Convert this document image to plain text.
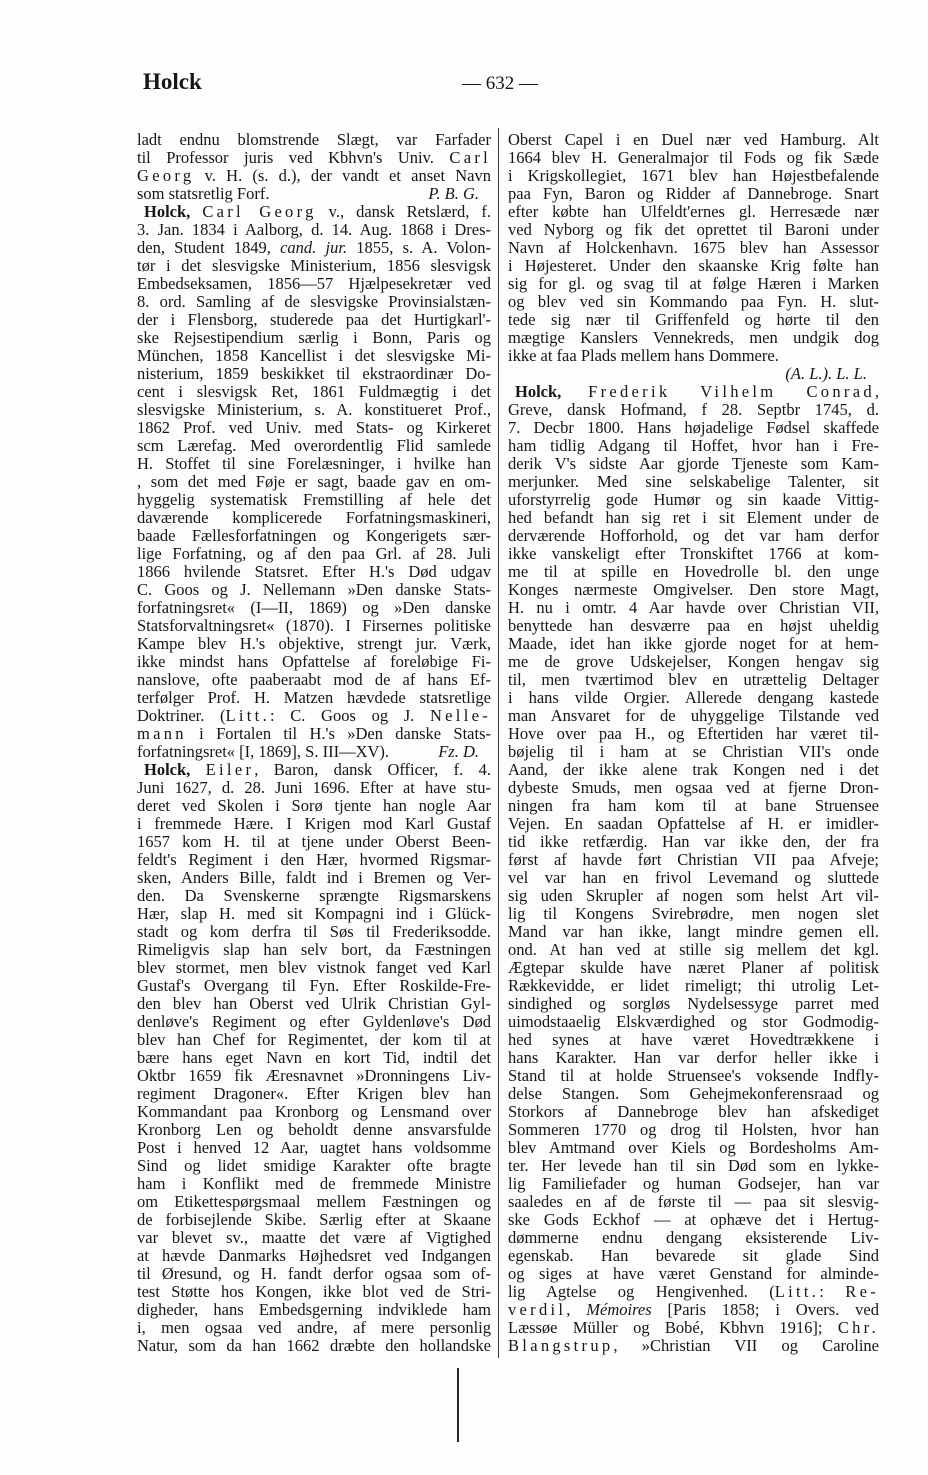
Holck	— 632 —
ladt endnu blomstrende Slægt, var Farfader
til Professor juris ved Kbhvn's Univ. Carl
Georg v. H. (s. d.), der vandt et anset Navn
som statsretlig Forf.	P. B. G.
Holck, Carl Georg v., dansk Retslærd, f.
3. Jan. 1834 i Aalborg, d. 14. Aug. 1868 i Dres-
den, Student 1849, cand. jur. 1855, s. A. Volon-
tør i det slesvigske Ministerium, 1856 slesvigsk
Embedseksamen, 1856—57 Hjælpesekretær ved
8. ord. Samling af de slesvigske Provinsialstæn-
der i Flensborg, studerede paa det Hurtigkarl'-
ske Rejsestipendium særlig i Bonn, Paris og
München, 1858 Kancellist i det slesvigske Mi-
nisterium, 1859 beskikket til ekstraordinær Do-
cent i slesvigsk Ret, 1861 Fuldmægtig i det
slesvigske Ministerium, s. A. konstitueret Prof.,
1862 Prof. ved Univ. med Stats- og Kirkeret
scm Lærefag. Med overordentlig Flid samlede
H. Stoffet til sine Forelæsninger, i hvilke han
, som det med Føje er sagt, baade gav en om-
hyggelig systematisk Fremstilling af hele det
daværende komplicerede Forfatningsmaskineri,
baade Fællesforfatningen og Kongerigets sær-
lige Forfatning, og af den paa Grl. af 28. Juli
1866 hvilende Statsret. Efter H.'s Død udgav
C. Goos og J. Nellemann »Den danske Stats-
forfatningsret« (I—II, 1869) og »Den danske
Statsforvaltningsret« (1870). I Firsernes politiske
Kampe blev H.'s objektive, strengt jur. Værk,
ikke mindst hans Opfattelse af foreløbige Fi-
nanslove, ofte paaberaabt mod de af hans Ef-
terfølger Prof. H. Matzen hævdede statsretlige
Doktriner. (Litt.: C. Goos og J. Nelle-
mann i Fortalen til H.'s »Den danske Stats-
forfatningsret« [I, 1869], S. III—XV).	Fz. D.
Holck, Eiler, Baron, dansk Officer, f. 4.
Juni 1627, d. 28. Juni 1696. Efter at have stu-
deret ved Skolen i Sorø tjente han nogle Aar
i fremmede Hære. I Krigen mod Karl Gustaf
1657 kom H. til at tjene under Oberst Been-
feldt's Regiment i den Hær, hvormed Rigsmar-
sken, Anders Bille, faldt ind i Bremen og Ver-
den. Da Svenskerne sprængte Rigsmarskens
Hær, slap H. med sit Kompagni ind i Glück-
stadt og kom derfra til Søs til Frederiksodde.
Rimeligvis slap han selv bort, da Fæstningen
blev stormet, men blev vistnok fanget ved Karl
Gustaf's Overgang til Fyn. Efter Roskilde-Fre-
den blev han Oberst ved Ulrik Christian Gyl-
denløve's Regiment og efter Gyldenløve's Død
blev han Chef for Regimentet, der kom til at
bære hans eget Navn en kort Tid, indtil det
Oktbr 1659 fik Æresnavnet »Dronningens Liv-
regiment Dragoner«. Efter Krigen blev han
Kommandant paa Kronborg og Lensmand over
Kronborg Len og beholdt denne ansvarsfulde
Post i henved 12 Aar, uagtet hans voldsomme
Sind og lidet smidige Karakter ofte bragte
ham i Konflikt med de fremmede Ministre
om Etikettespørgsmaal mellem Fæstningen og
de forbisejlende Skibe. Særlig efter at Skaane
var blevet sv., maatte det være af Vigtighed
at hævde Danmarks Højhedsret ved Indgangen
til Øresund, og H. fandt derfor ogsaa som of-
test Støtte hos Kongen, ikke blot ved de Stri-
digheder, hans Embedsgerning indviklede ham
i, men ogsaa ved andre, af mere personlig
Natur, som da han 1662 dræbte den hollandske
Oberst Capel i en Duel nær ved Hamburg. Alt
1664 blev H. Generalmajor til Fods og fik Sæde
i Krigskollegiet, 1671 blev han Højestbefalende
paa Fyn, Baron og Ridder af Dannebroge. Snart
efter købte han Ulfeldt'ernes gl. Herresæde nær
ved Nyborg og fik det oprettet til Baroni under
Navn af Holckenhavn. 1675 blev han Assessor
i Højesteret. Under den skaanske Krig følte han
sig for gl. og svag til at følge Hæren i Marken
og blev ved sin Kommando paa Fyn. H. slut-
tede sig nær til Griffenfeld og hørte til den
mægtige Kanslers Vennekreds, men undgik dog
ikke at faa Plads mellem hans Dommere.
(A. L.). L. L.
Holck, Frederik Vilhelm Conrad,
Greve, dansk Hofmand, f 28. Septbr 1745, d.
7. Decbr 1800. Hans højadelige Fødsel skaffede
ham tidlig Adgang til Hoffet, hvor han i Fre-
derik V's sidste Aar gjorde Tjeneste som Kam-
merjunker. Med sine selskabelige Talenter, sit
uforstyrrelig gode Humør og sin kaade Vittig-
hed befandt han sig ret i sit Element under de
derværende Hofforhold, og det var ham derfor
ikke vanskeligt efter Tronskiftet 1766 at kom-
me til at spille en Hovedrolle bl. den unge
Konges nærmeste Omgivelser. Den store Magt,
H. nu i omtr. 4 Aar havde over Christian VII,
benyttede han desværre paa en højst uheldig
Maade, idet han ikke gjorde noget for at hem-
me de grove Udskejelser, Kongen hengav sig
til, men tværtimod blev en utrættelig Deltager
i hans vilde Orgier. Allerede dengang kastede
man Ansvaret for de uhyggelige Tilstande ved
Hove over paa H., og Eftertiden har været til-
bøjelig til i ham at se Christian VII's onde
Aand, der ikke alene trak Kongen ned i det
dybeste Smuds, men ogsaa ved at fjerne Dron-
ningen fra ham kom til at bane Struensee
Vejen. En saadan Opfattelse af H. er imidler-
tid ikke retfærdig. Han var ikke den, der fra
først af havde ført Christian VII paa Afveje;
vel var han en frivol Levemand og sluttede
sig uden Skrupler af nogen som helst Art vil-
lig til Kongens Svirebrødre, men nogen slet
Mand var han ikke, langt mindre gemen ell.
ond. At han ved at stille sig mellem det kgl.
Ægtepar skulde have næret Planer af politisk
Rækkevidde, er lidet rimeligt; thi utrolig Let-
sindighed og sorgløs Nydelsessyge parret med
uimodstaaelig Elskværdighed og stor Godmodig-
hed synes at have været Hovedtrækkene i
hans Karakter. Han var derfor heller ikke i
Stand til at holde Struensee's voksende Indfly-
delse Stangen. Som Gehejmekonferensraad og
Storkors af Dannebroge blev han afskediget
Sommeren 1770 og drog til Holsten, hvor han
blev Amtmand over Kiels og Bordesholms Am-
ter. Her levede han til sin Død som en lykke-
lig Familiefader og human Godsejer, han var
saaledes en af de første til — paa sit slesvig-
ske Gods Eckhof — at ophæve det i Hertug-
dømmerne endnu dengang eksisterende Liv-
egenskab. Han bevarede sit glade Sind
og siges at have været Genstand for alminde-
lig Agtelse og Hengivenhed. (Litt.: Re-
verdil, Mémoires [Paris 1858; i Overs. ved
Læssøe Müller og Bobé, Kbhvn 1916]; Chr.
Blangstrup, »Christian VII og Caroline
